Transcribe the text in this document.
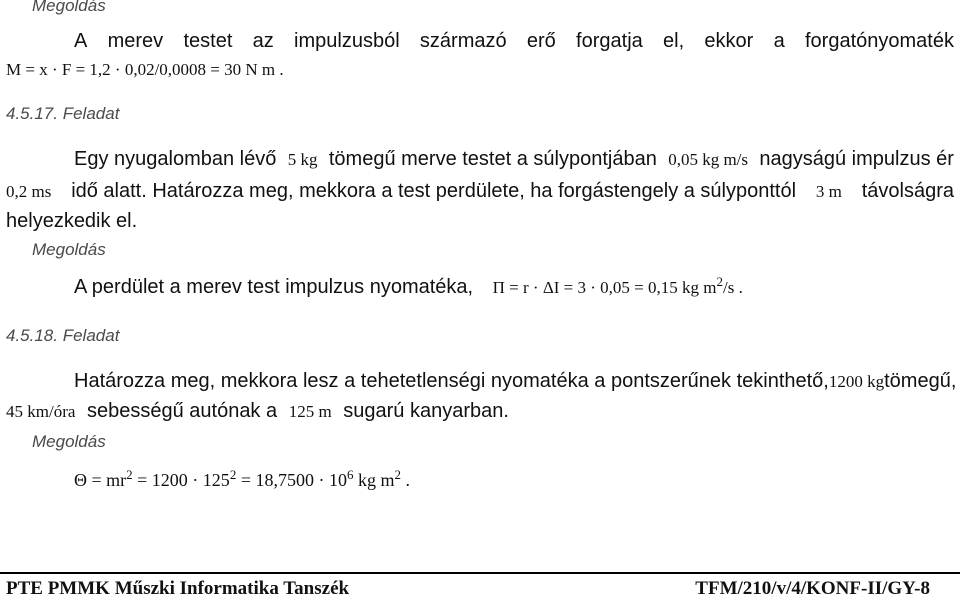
Megoldás
A merev testet az impulzusból származó erő forgatja el, ekkor a forgatónyomaték
M = x · F = 1,2 · 0,02/0,0008 = 30 N m .
4.5.17. Feladat
Egy nyugalomban lévő 5 kg tömegű merve testet a súlypontjában 0,05 kg m/s nagyságú impulzus ér
0,2 ms idő alatt. Határozza meg, mekkora a test perdülete, ha forgástengely a súlyponttól 3 m távolságra
helyezkedik el.
Megoldás
A perdület a merev test impulzus nyomatéka, Π = r · ΔI = 3 · 0,05 = 0,15 kg $m^2/s$ .
4.5.18. Feladat
Határozza meg, mekkora lesz a tehetetlenségi nyomatéka a pontszerűnek tekinthető, 1200 kg tömegű,
45 km/óra sebességű autónak a 125 m sugarú kanyarban.
Megoldás
$\Theta = mr^2 = 1200 \cdot 125^2 = 18,7500 \cdot 10^6$ kg $m^2$ .
PTE PMMK Műszki Informatika Tanszék	TFM/210/v/4/KONF-II/GY-8
